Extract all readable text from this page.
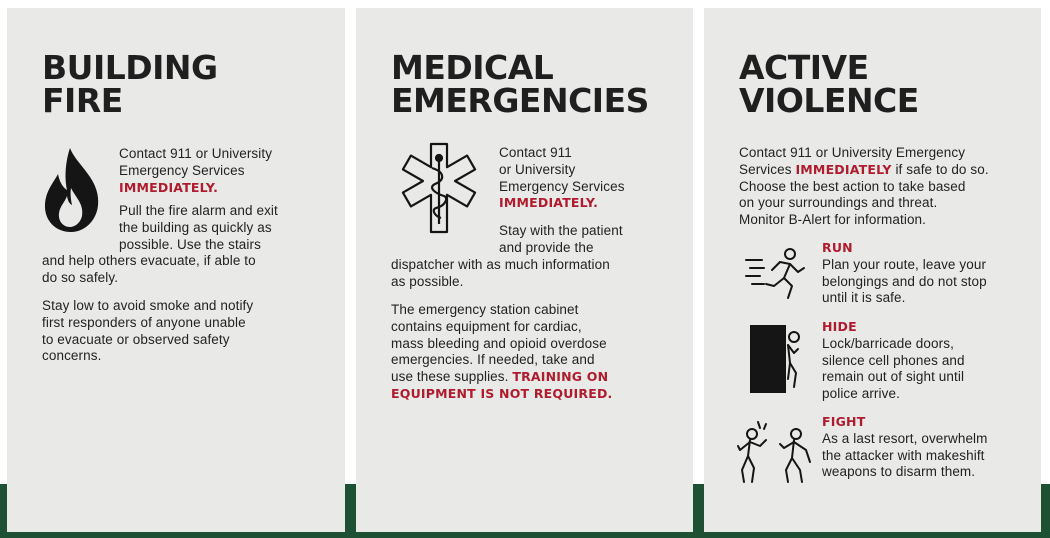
BUILDING
FIRE

Contact 911 or University
Emergency Services
IMMEDIATELY.

Pull the fire alarm and exit
the building as quickly as
possible. Use the stairs

and help others evacuate, if able to
do so safely.

Stay low to avoid smoke and notify
first responders of anyone unable
to evacuate or observed safety
concerns.

MEDICAL
EMERGENCIES

Contact 911
or University
Emergency Services
IMMEDIATELY.

Stay with the patient
and provide the

dispatcher with as much information
as possible.

The emergency station cabinet
contains equipment for cardiac,
mass bleeding and opioid overdose
emergencies. If needed, take and
use these supplies. TRAINING ON
EQUIPMENT IS NOT REQUIRED.

ACTIVE
VIOLENCE

Contact 911 or University Emergency
Services IMMEDIATELY if safe to do so.
Choose the best action to take based
on your surroundings and threat.
Monitor B-Alert for information.

RUN
Plan your route, leave your
belongings and do not stop
until it is safe.

HIDE
Lock/barricade doors,
silence cell phones and
remain out of sight until
police arrive.

FIGHT
As a last resort, overwhelm
the attacker with makeshift
weapons to disarm them.
